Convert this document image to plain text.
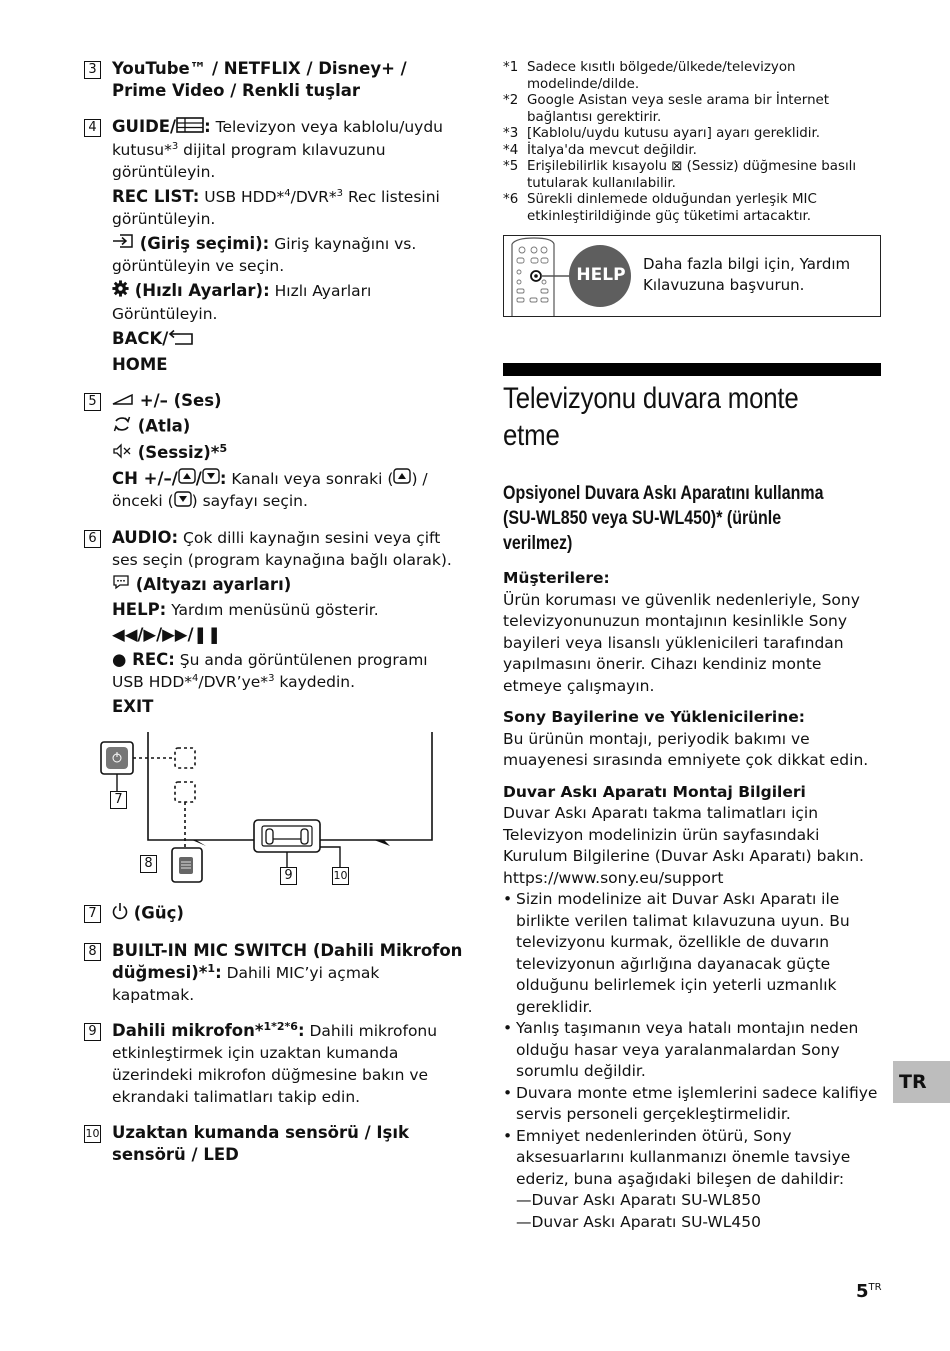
3 YouTube™ / NETFLIX / Disney+ / Prime Video / Renkli tuşlar
4 GUIDE/ : Televizyon veya kablolu/uydu kutusu*$^3$ dijital program kılavuzunu görüntüleyin.
REC LIST: USB HDD*$^4$/DVR*$^3$ Rec listesini görüntüleyin.
(Giriş seçimi): Giriş kaynağını vs. görüntüleyin ve seçin.
(Hızlı Ayarlar): Hızlı Ayarları Görüntüleyin.
BACK/
HOME
5	+/– (Ses)
(Atla)
(Sessiz)*$^5$
CH +/–/ / : Kanalı veya sonraki ( ) / önceki ( ) sayfayı seçin.
6 AUDIO: Çok dilli kaynağın sesini veya çift ses seçin (program kaynağına bağlı olarak).
(Altyazı ayarları)
HELP: Yardım menüsünü gösterir.
◀◀/▶/▶▶/❚❚
● REC: Şu anda görüntülenen programı USB HDD*$^4$/DVR’ye*$^3$ kaydedin.
EXIT
7
8
9	10
7	(Güç)
8 BUILT-IN MIC SWITCH (Dahili Mikrofon düğmesi)*$^1$: Dahili MIC’yi açmak kapatmak.
9 Dahili mikrofon*$^{1*2*6}$: Dahili mikrofonu etkinleştirmek için uzaktan kumanda üzerindeki mikrofon düğmesine bakın ve ekrandaki talimatları takip edin.
10 Uzaktan kumanda sensörü / Işık sensörü / LED
*1 Sadece kısıtlı bölgede/ülkede/televizyon modelinde/dilde.
*2 Google Asistan veya sesle arama bir İnternet bağlantısı gerektirir.
*3 [Kablolu/uydu kutusu ayarı] ayarı gereklidir.
*4 İtalya'da mevcut değildir.
*5 Erişilebilirlik kısayolu ⊠ (Sessiz) düğmesine basılı tutularak kullanılabilir.
*6 Sürekli dinlemede olduğundan yerleşik MIC etkinleştirildiğinde güç tüketimi artacaktır.
HELP
Daha fazla bilgi için, Yardım Kılavuzuna başvurun.
Televizyonu duvara monte etme
Opsiyonel Duvara Askı Aparatını kullanma (SU-WL850 veya SU-WL450)* (ürünle verilmez)

Müşterilere:
Ürün koruması ve güvenlik nedenleriyle, Sony televizyonunuzun montajının kesinlikle Sony bayileri veya lisanslı yüklenicileri tarafından yapılmasını önerir. Cihazı kendiniz monte etmeye çalışmayın.

Sony Bayilerine ve Yüklenicilerine:
Bu ürünün montajı, periyodik bakımı ve muayenesi sırasında emniyete çok dikkat edin.

Duvar Askı Aparatı Montaj Bilgileri
Duvar Askı Aparatı takma talimatları için Televizyon modelinizin ürün sayfasındaki Kurulum Bilgilerine (Duvar Askı Aparatı) bakın.
https://www.sony.eu/support
• Sizin modelinize ait Duvar Askı Aparatı ile birlikte verilen talimat kılavuzuna uyun. Bu televizyonu kurmak, özellikle de duvarın televizyonun ağırlığına dayanacak güçte olduğunu belirlemek için yeterli uzmanlık gereklidir.
• Yanlış taşımanın veya hatalı montajın neden olduğu hasar veya yaralanmalardan Sony sorumlu değildir.
• Duvara monte etme işlemlerini sadece kalifiye servis personeli gerçekleştirmelidir.
• Emniyet nedenlerinden ötürü, Sony aksesuarlarını kullanmanızı önemle tavsiye ederiz, buna aşağıdaki bileşen de dahildir:
—Duvar Askı Aparatı SU-WL850
—Duvar Askı Aparatı SU-WL450
TR
$5^{TR}$
